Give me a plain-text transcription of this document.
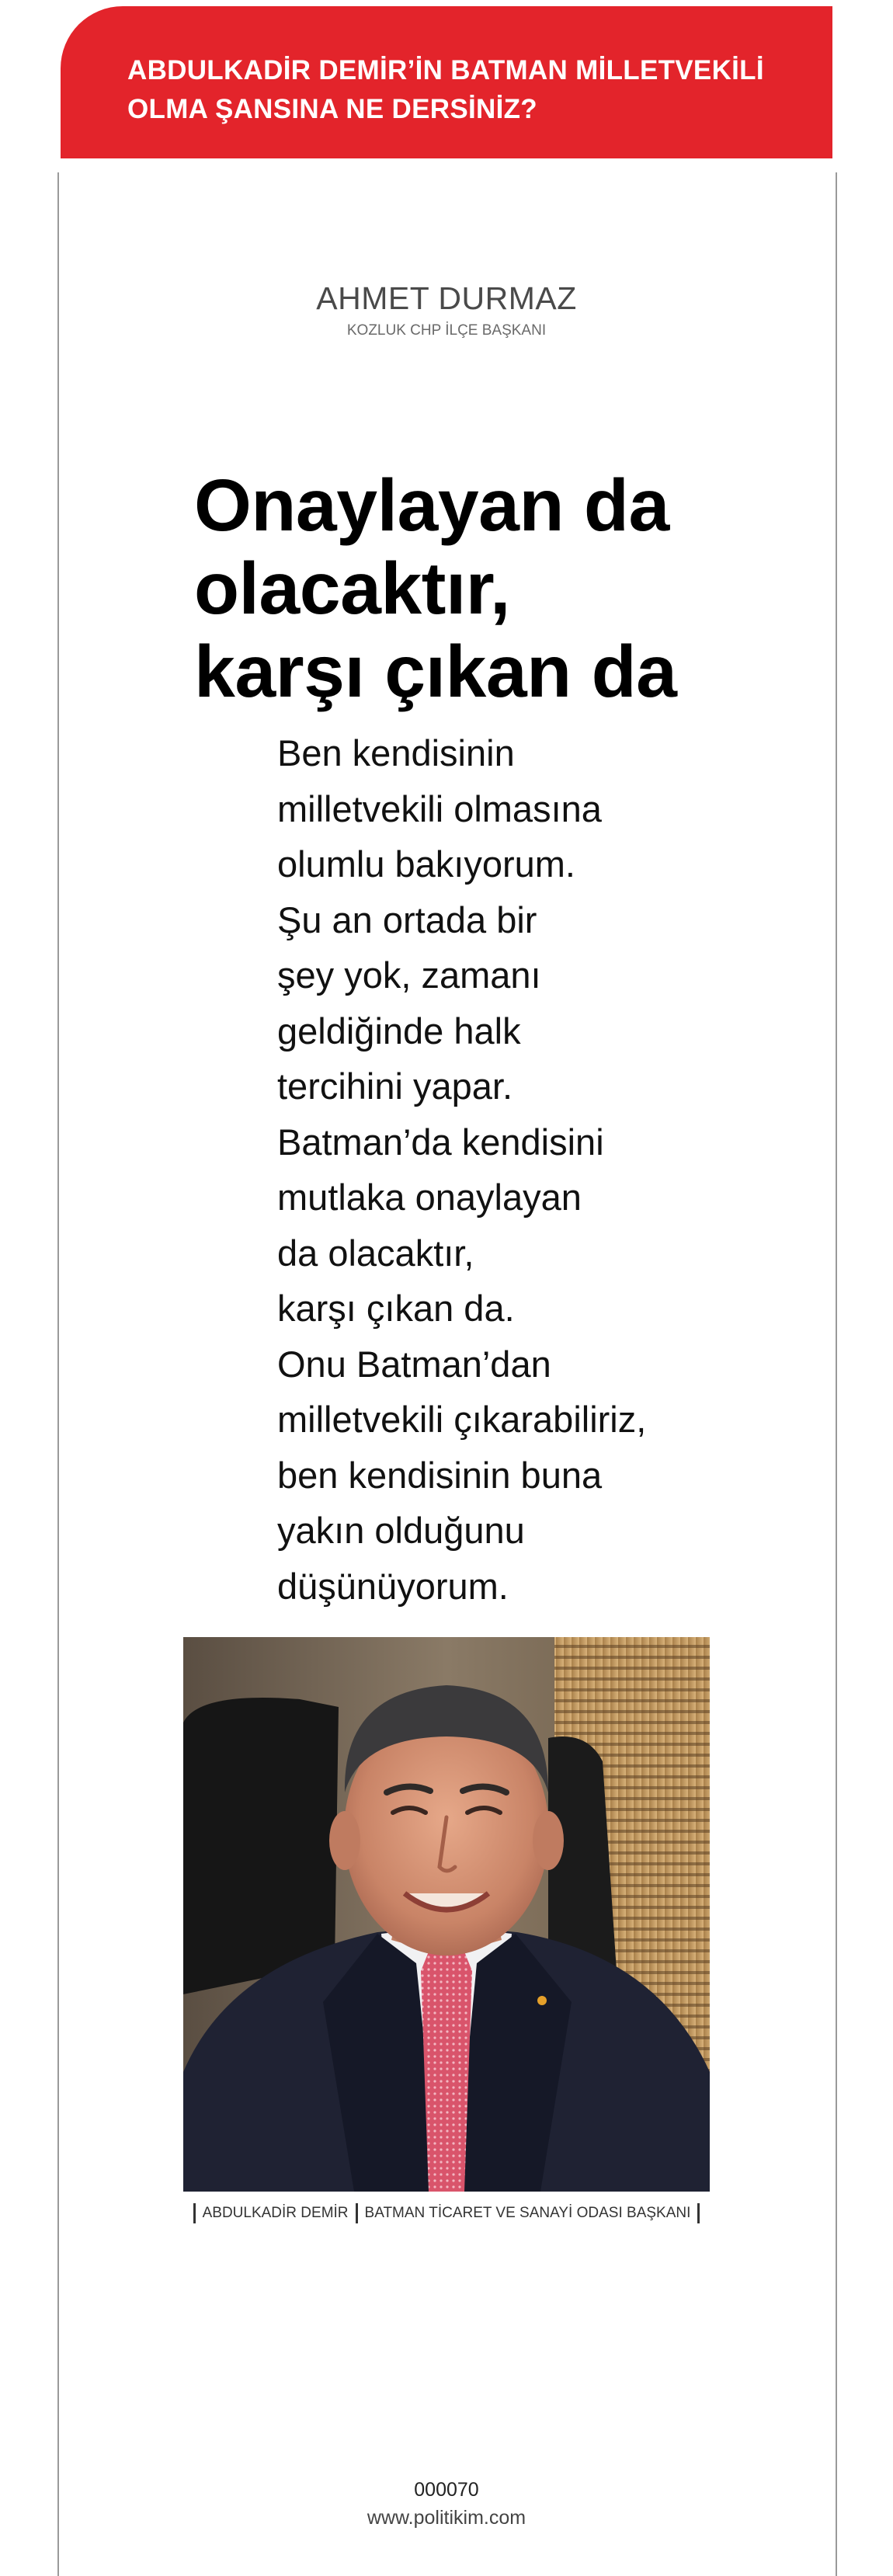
ABDULKADİR DEMİR’İN BATMAN MİLLETVEKİLİ
OLMA ŞANSINA NE DERSİNİZ?
AHMET DURMAZ
KOZLUK CHP İLÇE BAŞKANI
Onaylayan da
olacaktır,
karşı çıkan da
Ben kendisinin
milletvekili olmasına
olumlu bakıyorum.
Şu an ortada bir
şey yok, zamanı
geldiğinde halk
tercihini yapar.
Batman’da kendisini
mutlaka onaylayan
da olacaktır,
karşı çıkan da.
Onu Batman’dan
milletvekili çıkarabiliriz,
ben kendisinin buna
yakın olduğunu
düşünüyorum.
ABDULKADİR DEMİR BATMAN TİCARET VE SANAYİ ODASI BAŞKANI
000070
www.politikim.com
